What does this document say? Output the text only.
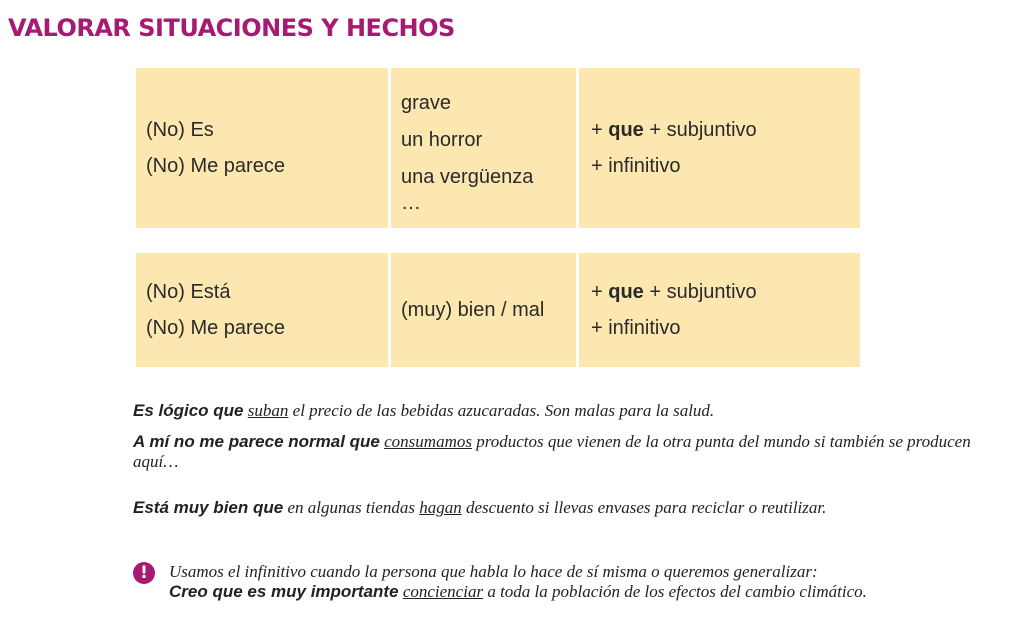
VALORAR SITUACIONES Y HECHOS
(No) Es
(No) Me parece
grave
un horror
una vergüenza
…
+ que + subjuntivo
+ infinitivo
(No) Está
(No) Me parece
(muy) bien / mal
+ que + subjuntivo
+ infinitivo
Es lógico que suban el precio de las bebidas azucaradas. Son malas para la salud.
A mí no me parece normal que consumamos productos que vienen de la otra punta del mundo si también se producen aquí…
Está muy bien que en algunas tiendas hagan descuento si llevas envases para reciclar o reutilizar.
!	Usamos el infinitivo cuando la persona que habla lo hace de sí misma o queremos generalizar:
Creo que es muy importante concienciar a toda la población de los efectos del cambio climático.
